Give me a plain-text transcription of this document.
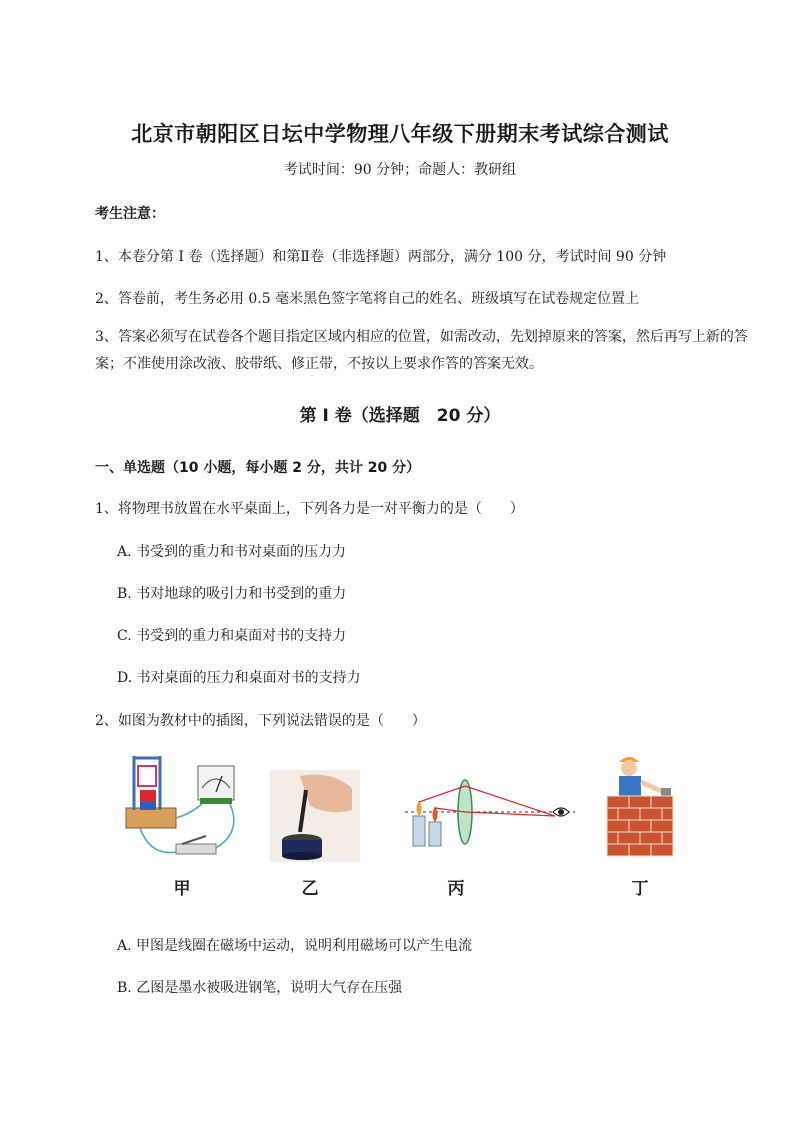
北京市朝阳区日坛中学物理八年级下册期末考试综合测试
考试时间：90 分钟；命题人：教研组
考生注意：
1、本卷分第 I 卷（选择题）和第Ⅱ卷（非选择题）两部分，满分 100 分，考试时间 90 分钟
2、答卷前，考生务必用 0.5 毫米黑色签字笔将自己的姓名、班级填写在试卷规定位置上
3、答案必须写在试卷各个题目指定区域内相应的位置，如需改动，先划掉原来的答案，然后再写上新的答案；不准使用涂改液、胶带纸、修正带，不按以上要求作答的答案无效。
第 I 卷（选择题　20 分）
一、单选题（10 小题，每小题 2 分，共计 20 分）
1、将物理书放置在水平桌面上，下列各力是一对平衡力的是（　　）
A. 书受到的重力和书对桌面的压力力
B. 书对地球的吸引力和书受到的重力
C. 书受到的重力和桌面对书的支持力
D. 书对桌面的压力和桌面对书的支持力
2、如图为教材中的插图，下列说法错误的是（　　）
甲	乙	丙	丁
A. 甲图是线圈在磁场中运动，说明利用磁场可以产生电流
B. 乙图是墨水被吸进钢笔，说明大气存在压强
